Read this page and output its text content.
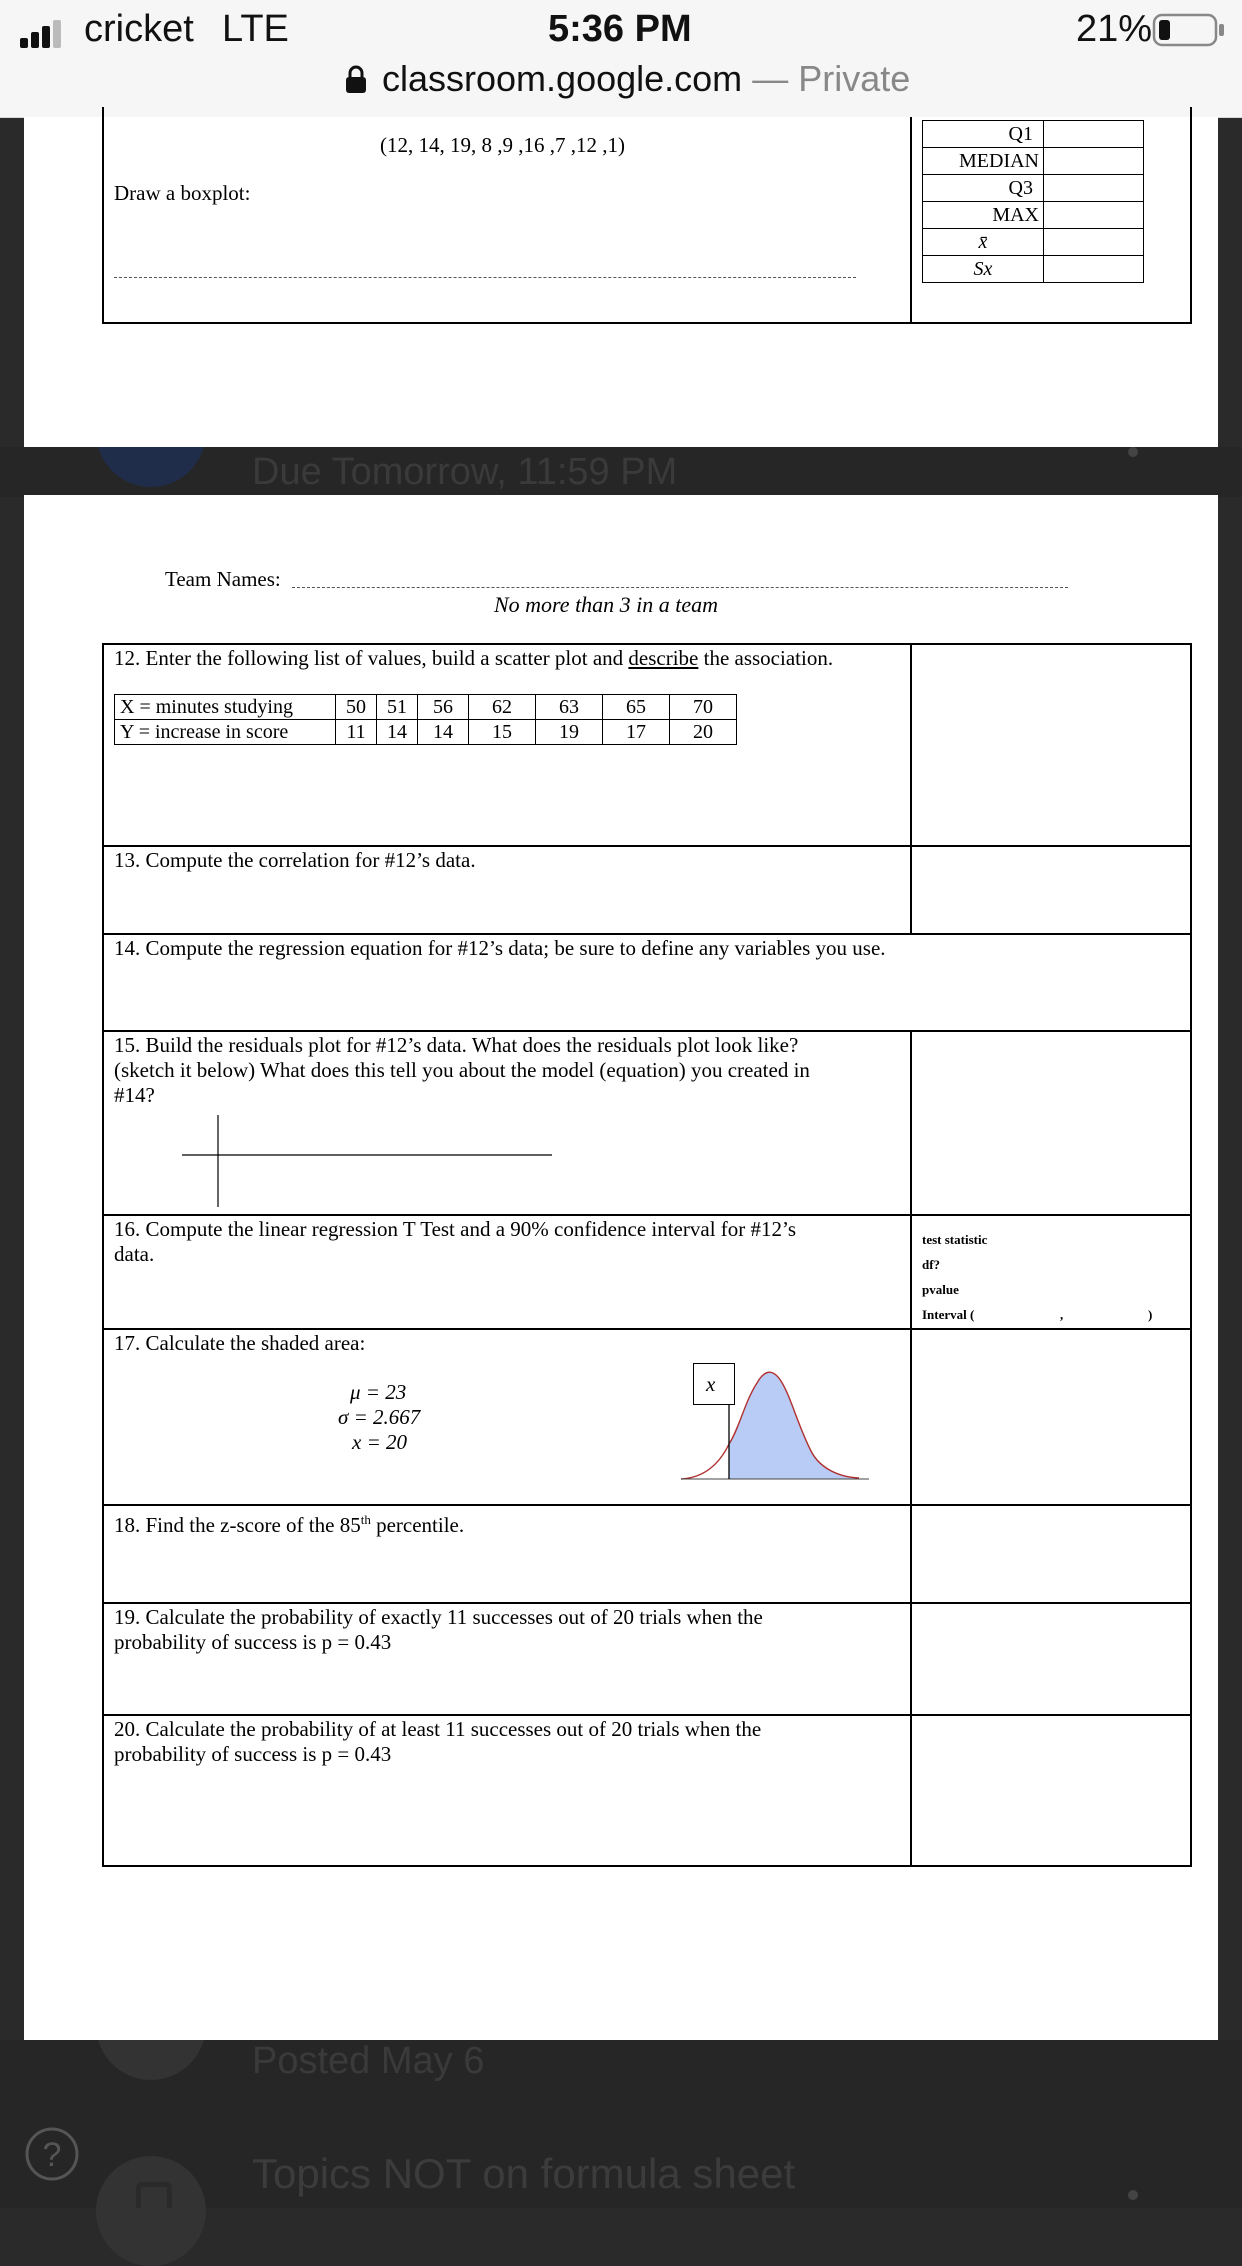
cricket LTE	5:36 PM	21%
classroom.google.com — Private
Due Tomorrow, 11:59 PM
Posted May 6
?	Topics NOT on formula sheet
(12, 14, 19, 8 ,9 ,16 ,7 ,12 ,1)
Draw a boxplot:
Q1	
MEDIAN	
Q3	
MAX	
x̄	
Sx	
Team Names:
No more than 3 in a team
12. Enter the following list of values, build a scatter plot and describe the association.
X = minutes studying	50	51	56	62	63	65	70
Y = increase in score	11	14	14	15	19	17	20
13. Compute the correlation for #12’s data.
14. Compute the regression equation for #12’s data; be sure to define any variables you use.
15. Build the residuals plot for #12’s data. What does the residuals plot look like?
(sketch it below) What does this tell you about the model (equation) you created in
#14?
16. Compute the linear regression T Test and a 90% confidence interval for #12’s
data.
test statistic
df?
pvalue
Interval (	,	)
17. Calculate the shaded area:
μ = 23
σ = 2.667
x = 20
x
18. Find the z-score of the 85th percentile.
19. Calculate the probability of exactly 11 successes out of 20 trials when the
probability of success is p = 0.43
20. Calculate the probability of at least 11 successes out of 20 trials when the
probability of success is p = 0.43
